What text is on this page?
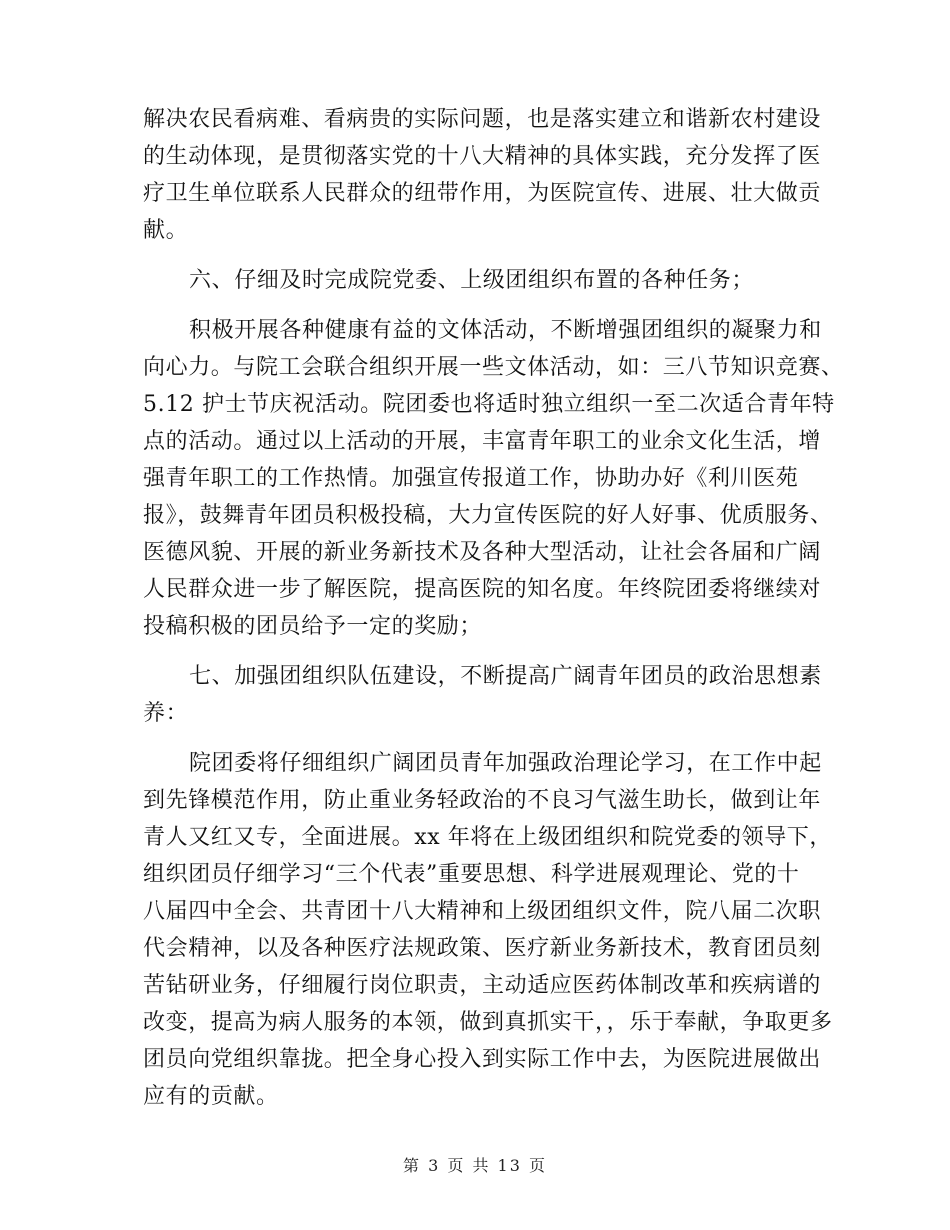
解决农民看病难、看病贵的实际问题，也是落实建立和谐新农村建设
的生动体现，是贯彻落实党的十八大精神的具体实践，充分发挥了医
疗卫生单位联系人民群众的纽带作用，为医院宣传、进展、壮大做贡
献。
六、仔细及时完成院党委、上级团组织布置的各种任务；
积极开展各种健康有益的文体活动，不断增强团组织的凝聚力和
向心力。与院工会联合组织开展一些文体活动，如：三八节知识竞赛、
5.12 护士节庆祝活动。院团委也将适时独立组织一至二次适合青年特
点的活动。通过以上活动的开展，丰富青年职工的业余文化生活，增
强青年职工的工作热情。加强宣传报道工作，协助办好《利川医苑
报》，鼓舞青年团员积极投稿，大力宣传医院的好人好事、优质服务、
医德风貌、开展的新业务新技术及各种大型活动，让社会各届和广阔
人民群众进一步了解医院，提高医院的知名度。年终院团委将继续对
投稿积极的团员给予一定的奖励；
七、加强团组织队伍建设，不断提高广阔青年团员的政治思想素
养：
院团委将仔细组织广阔团员青年加强政治理论学习，在工作中起
到先锋模范作用，防止重业务轻政治的不良习气滋生助长，做到让年
青人又红又专，全面进展。xx 年将在上级团组织和院党委的领导下，
组织团员仔细学习“三个代表”重要思想、科学进展观理论、党的十
八届四中全会、共青团十八大精神和上级团组织文件，院八届二次职
代会精神，以及各种医疗法规政策、医疗新业务新技术，教育团员刻
苦钻研业务，仔细履行岗位职责，主动适应医药体制改革和疾病谱的
改变，提高为病人服务的本领，做到真抓实干，，乐于奉献，争取更多
团员向党组织靠拢。把全身心投入到实际工作中去，为医院进展做出
应有的贡献。
第 3 页 共 13 页
